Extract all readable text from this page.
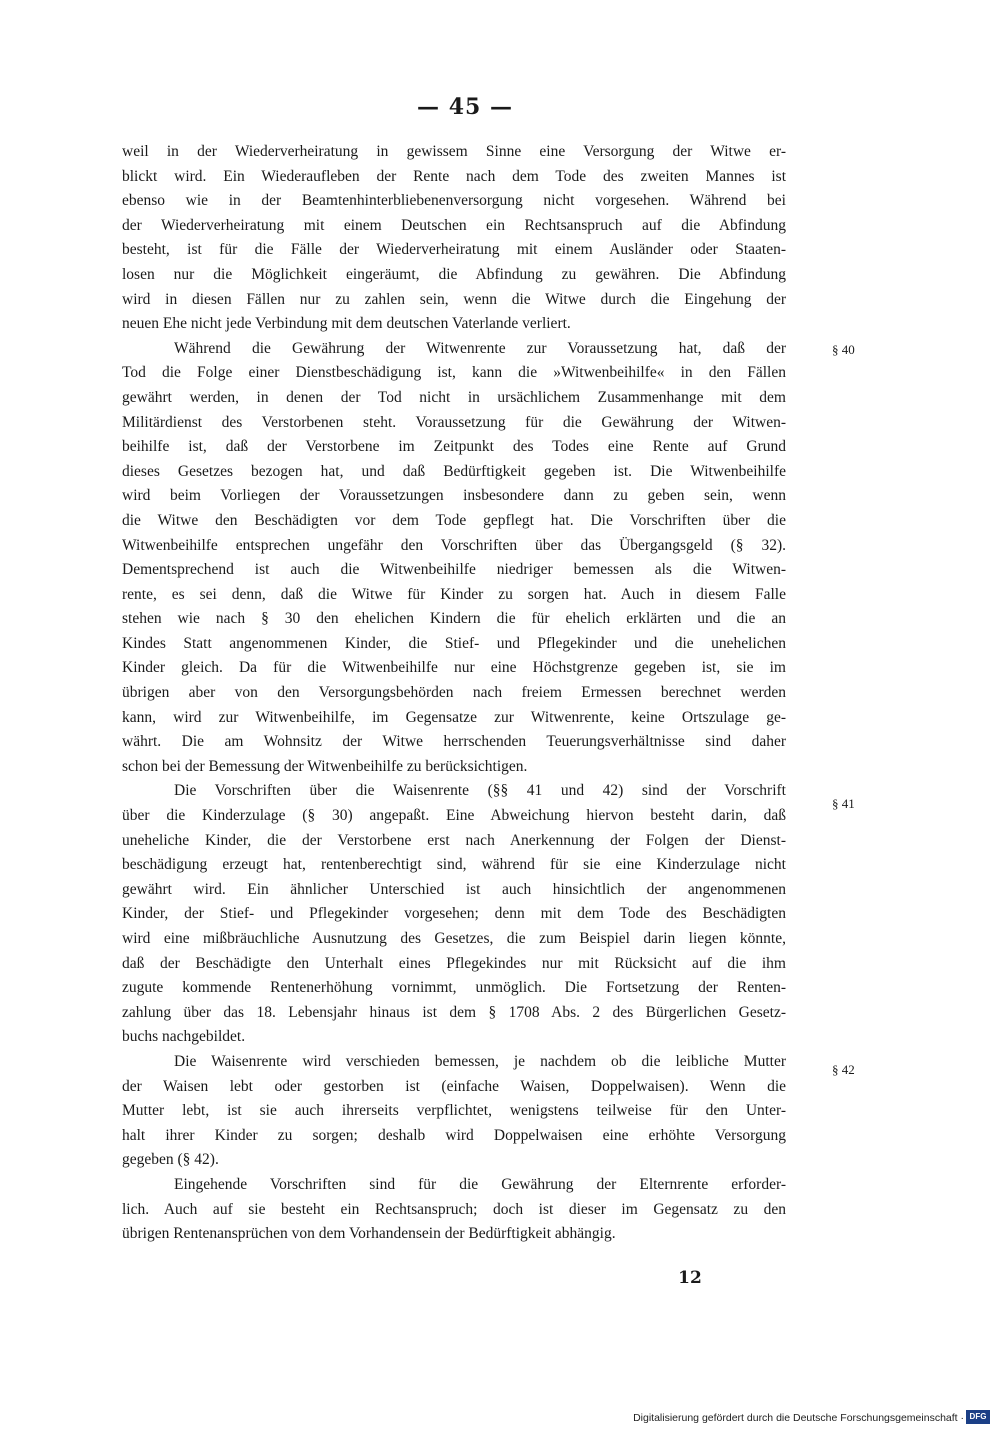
— 45 —
weil in der Wiederverheiratung in gewissem Sinne eine Versorgung der Witwe er-
blickt wird. Ein Wiederaufleben der Rente nach dem Tode des zweiten Mannes ist
ebenso wie in der Beamtenhinterbliebenenversorgung nicht vorgesehen. Während bei
der Wiederverheiratung mit einem Deutschen ein Rechtsanspruch auf die Abfindung
besteht, ist für die Fälle der Wiederverheiratung mit einem Ausländer oder Staaten-
losen nur die Möglichkeit eingeräumt, die Abfindung zu gewähren. Die Abfindung
wird in diesen Fällen nur zu zahlen sein, wenn die Witwe durch die Eingehung der
neuen Ehe nicht jede Verbindung mit dem deutschen Vaterlande verliert.
Während die Gewährung der Witwenrente zur Voraussetzung hat, daß der
Tod die Folge einer Dienstbeschädigung ist, kann die »Witwenbeihilfe« in den Fällen
gewährt werden, in denen der Tod nicht in ursächlichem Zusammenhange mit dem
Militärdienst des Verstorbenen steht. Voraussetzung für die Gewährung der Witwen-
beihilfe ist, daß der Verstorbene im Zeitpunkt des Todes eine Rente auf Grund
dieses Gesetzes bezogen hat, und daß Bedürftigkeit gegeben ist. Die Witwenbeihilfe
wird beim Vorliegen der Voraussetzungen insbesondere dann zu geben sein, wenn
die Witwe den Beschädigten vor dem Tode gepflegt hat. Die Vorschriften über die
Witwenbeihilfe entsprechen ungefähr den Vorschriften über das Übergangsgeld (§ 32).
Dementsprechend ist auch die Witwenbeihilfe niedriger bemessen als die Witwen-
rente, es sei denn, daß die Witwe für Kinder zu sorgen hat. Auch in diesem Falle
stehen wie nach § 30 den ehelichen Kindern die für ehelich erklärten und die an
Kindes Statt angenommenen Kinder, die Stief- und Pflegekinder und die unehelichen
Kinder gleich. Da für die Witwenbeihilfe nur eine Höchstgrenze gegeben ist, sie im
übrigen aber von den Versorgungsbehörden nach freiem Ermessen berechnet werden
kann, wird zur Witwenbeihilfe, im Gegensatze zur Witwenrente, keine Ortszulage ge-
währt. Die am Wohnsitz der Witwe herrschenden Teuerungsverhältnisse sind daher
schon bei der Bemessung der Witwenbeihilfe zu berücksichtigen.
Die Vorschriften über die Waisenrente (§§ 41 und 42) sind der Vorschrift
über die Kinderzulage (§ 30) angepaßt. Eine Abweichung hiervon besteht darin, daß
uneheliche Kinder, die der Verstorbene erst nach Anerkennung der Folgen der Dienst-
beschädigung erzeugt hat, rentenberechtigt sind, während für sie eine Kinderzulage nicht
gewährt wird. Ein ähnlicher Unterschied ist auch hinsichtlich der angenommenen
Kinder, der Stief- und Pflegekinder vorgesehen; denn mit dem Tode des Beschädigten
wird eine mißbräuchliche Ausnutzung des Gesetzes, die zum Beispiel darin liegen könnte,
daß der Beschädigte den Unterhalt eines Pflegekindes nur mit Rücksicht auf die ihm
zugute kommende Rentenerhöhung vornimmt, unmöglich. Die Fortsetzung der Renten-
zahlung über das 18. Lebensjahr hinaus ist dem § 1708 Abs. 2 des Bürgerlichen Gesetz-
buchs nachgebildet.
Die Waisenrente wird verschieden bemessen, je nachdem ob die leibliche Mutter
der Waisen lebt oder gestorben ist (einfache Waisen, Doppelwaisen). Wenn die
Mutter lebt, ist sie auch ihrerseits verpflichtet, wenigstens teilweise für den Unter-
halt ihrer Kinder zu sorgen; deshalb wird Doppelwaisen eine erhöhte Versorgung
gegeben (§ 42).
Eingehende Vorschriften sind für die Gewährung der Elternrente erforder-
lich. Auch auf sie besteht ein Rechtsanspruch; doch ist dieser im Gegensatz zu den
übrigen Rentenansprüchen von dem Vorhandensein der Bedürftigkeit abhängig.
§ 40
§ 41
§ 42
12
Digitalisierung gefördert durch die Deutsche Forschungsgemeinschaft · DFG
